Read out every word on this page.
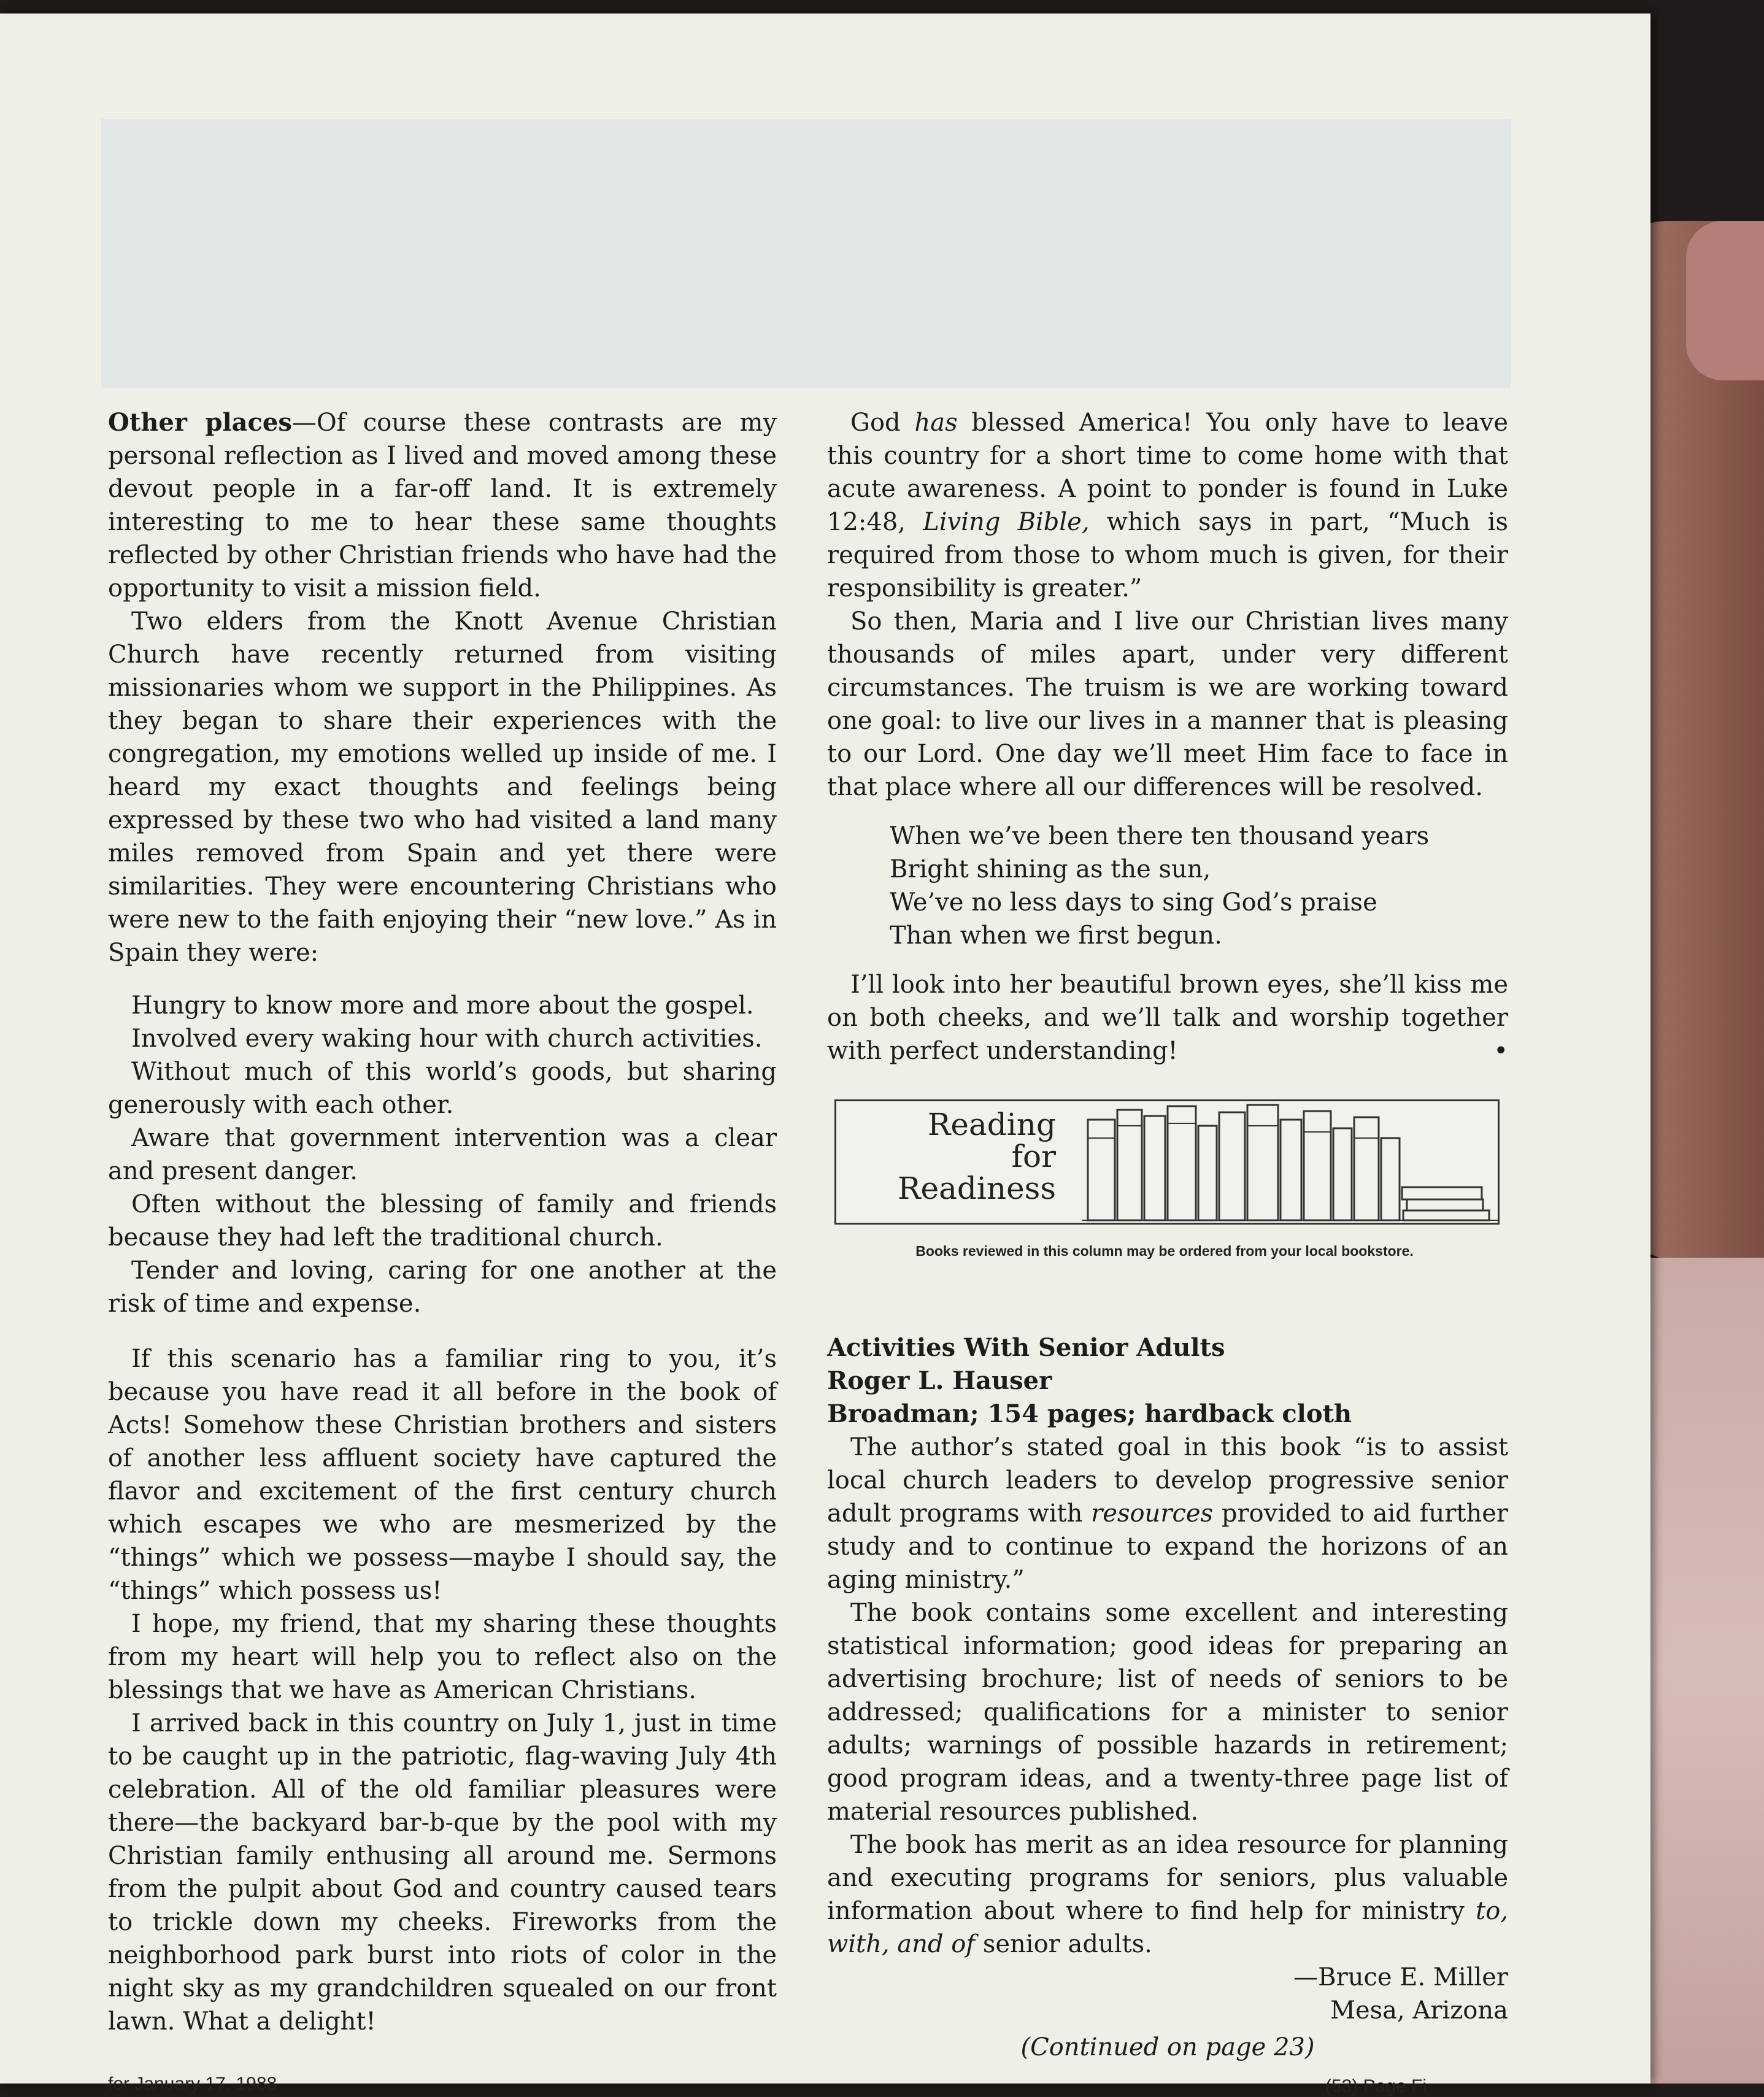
Other places—Of course these contrasts are my personal reflection as I lived and moved among these devout people in a far-off land. It is extremely interesting to me to hear these same thoughts reflected by other Christian friends who have had the opportunity to visit a mission field.

Two elders from the Knott Avenue Christian Church have recently returned from visiting missionaries whom we support in the Philippines. As they began to share their experiences with the congregation, my emotions welled up inside of me. I heard my exact thoughts and feelings being expressed by these two who had visited a land many miles removed from Spain and yet there were similarities. They were encountering Christians who were new to the faith enjoying their “new love.” As in Spain they were:

Hungry to know more and more about the gospel.

Involved every waking hour with church activities.

Without much of this world’s goods, but sharing generously with each other.

Aware that government intervention was a clear and present danger.

Often without the blessing of family and friends because they had left the traditional church.

Tender and loving, caring for one another at the risk of time and expense.

If this scenario has a familiar ring to you, it’s because you have read it all before in the book of Acts! Somehow these Christian brothers and sisters of another less affluent society have captured the flavor and excitement of the first century church which escapes we who are mesmerized by the “things” which we possess—maybe I should say, the “things” which possess us!

I hope, my friend, that my sharing these thoughts from my heart will help you to reflect also on the blessings that we have as American Christians.

I arrived back in this country on July 1, just in time to be caught up in the patriotic, flag-waving July 4th celebration. All of the old familiar pleasures were there—the backyard bar-b-que by the pool with my Christian family enthusing all around me. Sermons from the pulpit about God and country caused tears to trickle down my cheeks. Fireworks from the neighborhood park burst into riots of color in the night sky as my grandchildren squealed on our front lawn. What a delight!

God has blessed America! You only have to leave this country for a short time to come home with that acute awareness. A point to ponder is found in Luke 12:48, Living Bible, which says in part, “Much is required from those to whom much is given, for their responsibility is greater.”

So then, Maria and I live our Christian lives many thousands of miles apart, under very different circumstances. The truism is we are working toward one goal: to live our lives in a manner that is pleasing to our Lord. One day we’ll meet Him face to face in that place where all our differences will be resolved.

When we’ve been there ten thousand years
Bright shining as the sun,
We’ve no less days to sing God’s praise
Than when we first begun.

I’ll look into her beautiful brown eyes, she’ll kiss me on both cheeks, and we’ll talk and worship together with perfect understanding!	•

Reading
for
Readiness
Books reviewed in this column may be ordered from your local bookstore.
Activities With Senior Adults
Roger L. Hauser
Broadman; 154 pages; hardback cloth

The author’s stated goal in this book “is to assist local church leaders to develop progressive senior adult programs with resources provided to aid further study and to continue to expand the horizons of an aging ministry.”

The book contains some excellent and interesting statistical information; good ideas for preparing an advertising brochure; list of needs of seniors to be addressed; qualifications for a minister to senior adults; warnings of possible hazards in retirement; good program ideas, and a twenty-three page list of material resources published.

The book has merit as an idea resource for planning and executing programs for seniors, plus valuable information about where to find help for ministry to, with, and of senior adults.

—Bruce E. Miller
Mesa, Arizona
(Continued on page 23)
for January 17, 1988	(53) Page Fi
